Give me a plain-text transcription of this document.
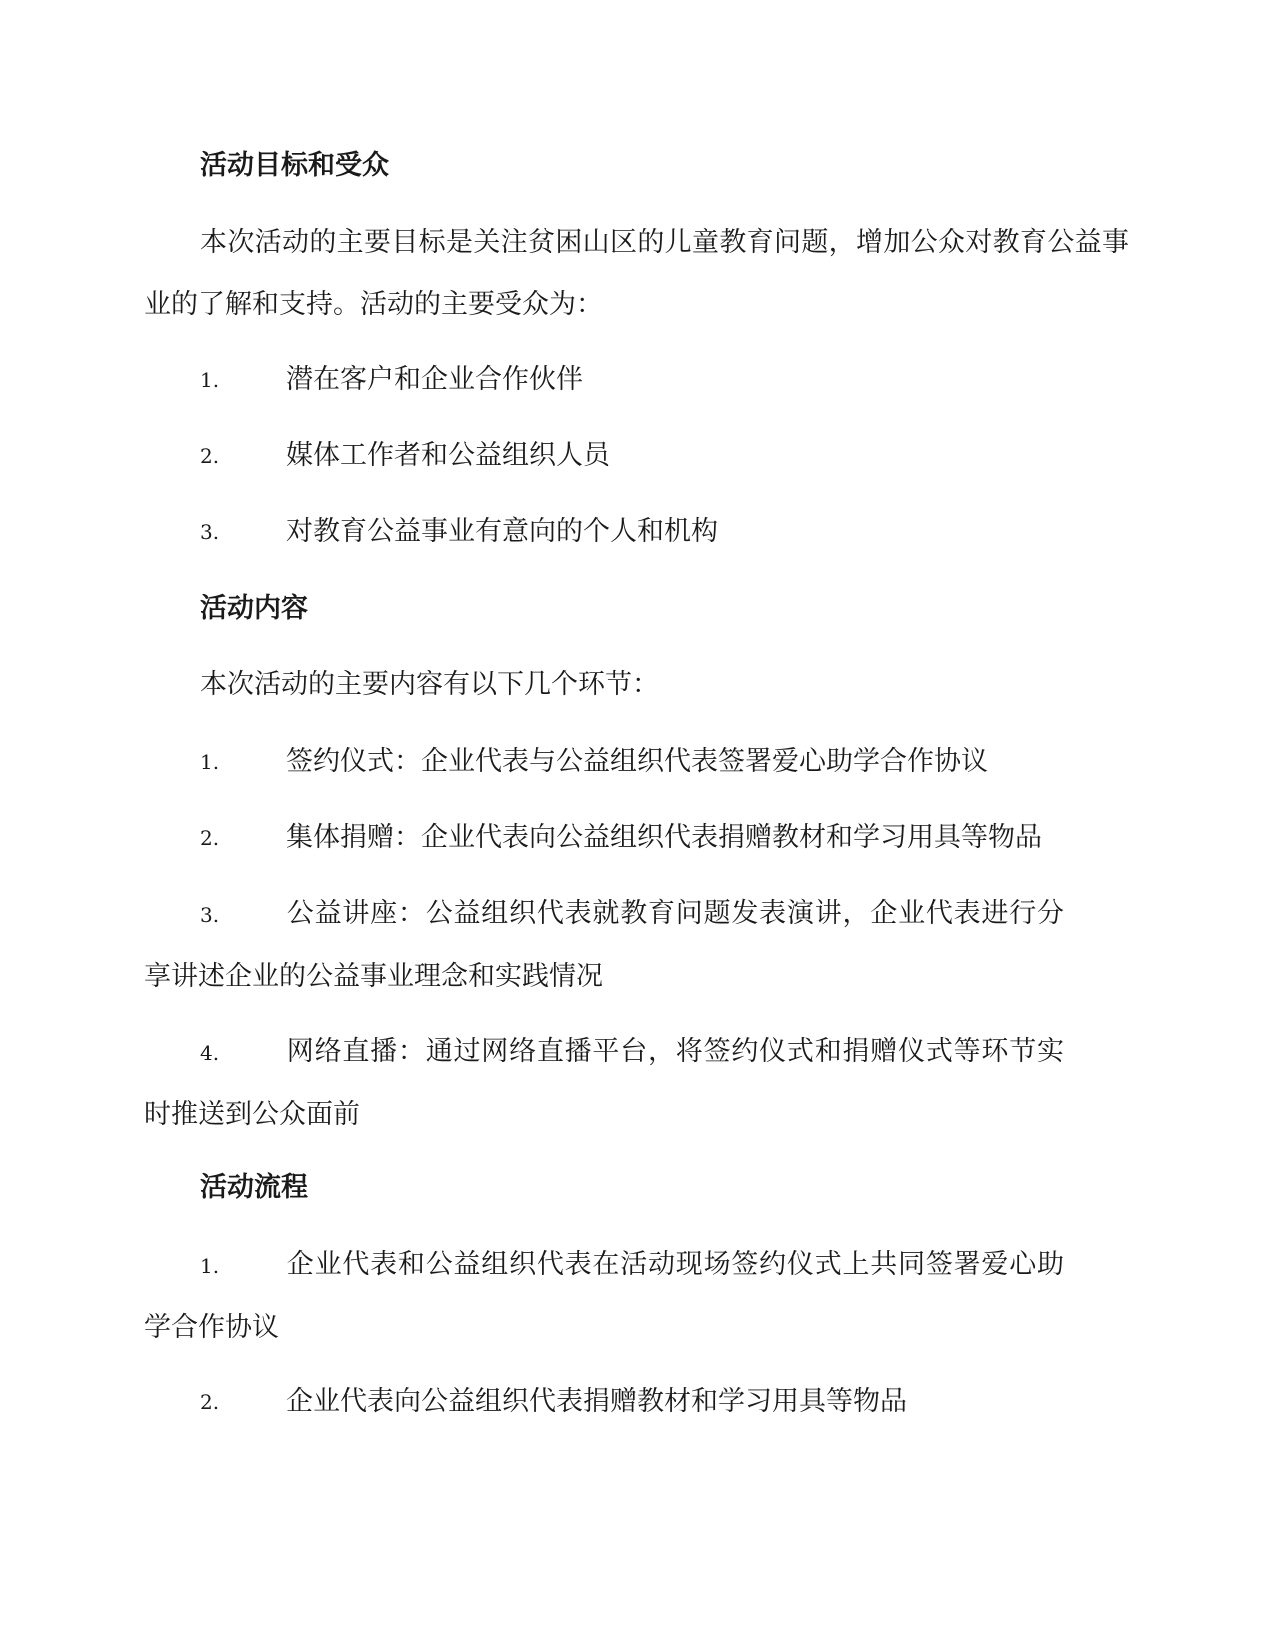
活动目标和受众
本次活动的主要目标是关注贫困山区的儿童教育问题，增加公众对教育公益事业的了解和支持。活动的主要受众为：
1. 潜在客户和企业合作伙伴
2. 媒体工作者和公益组织人员
3. 对教育公益事业有意向的个人和机构
活动内容
本次活动的主要内容有以下几个环节：
1. 签约仪式：企业代表与公益组织代表签署爱心助学合作协议
2. 集体捐赠：企业代表向公益组织代表捐赠教材和学习用具等物品
3. 公益讲座：公益组织代表就教育问题发表演讲，企业代表进行分享讲述企业的公益事业理念和实践情况
4. 网络直播：通过网络直播平台，将签约仪式和捐赠仪式等环节实时推送到公众面前
活动流程
1. 企业代表和公益组织代表在活动现场签约仪式上共同签署爱心助学合作协议
2. 企业代表向公益组织代表捐赠教材和学习用具等物品
